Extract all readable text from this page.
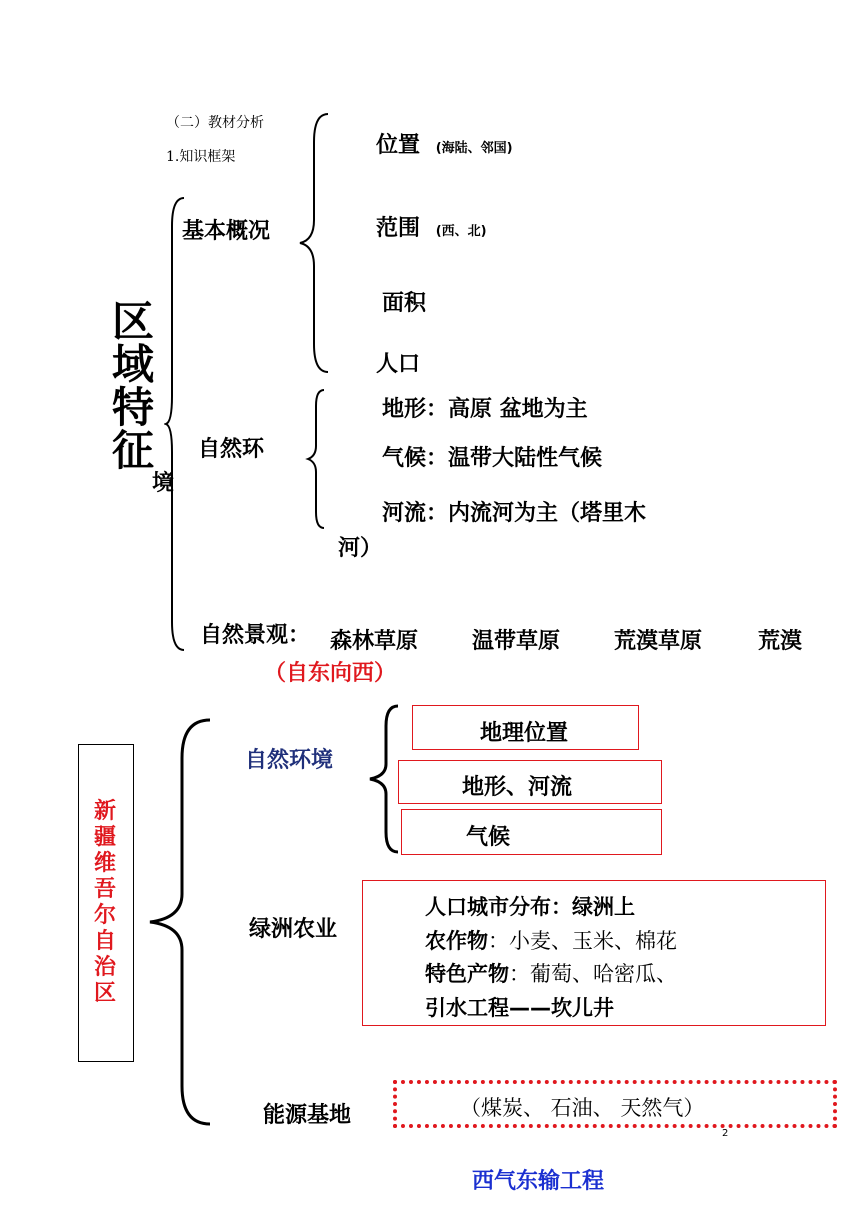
（二）教材分析
1.知识框架
区域特征
基本概况
位置 (海陆、邻国)
范围 (西、北)
面积
人口
自然环
境
地形：高原 盆地为主
气候：温带大陆性气候
河流：内流河为主（塔里木
河）
自然景观： 森林草原 温带草原 荒漠草原	荒漠
（自东向西）
新疆维吾尔自治区
自然环境
地理位置
地形、河流
气候
绿洲农业
人口城市分布：绿洲上
农作物：小麦、玉米、棉花
特色产物：葡萄、哈密瓜、
引水工程——坎儿井
能源基地	（煤炭、 石油、 天然气）
2
西气东输工程
